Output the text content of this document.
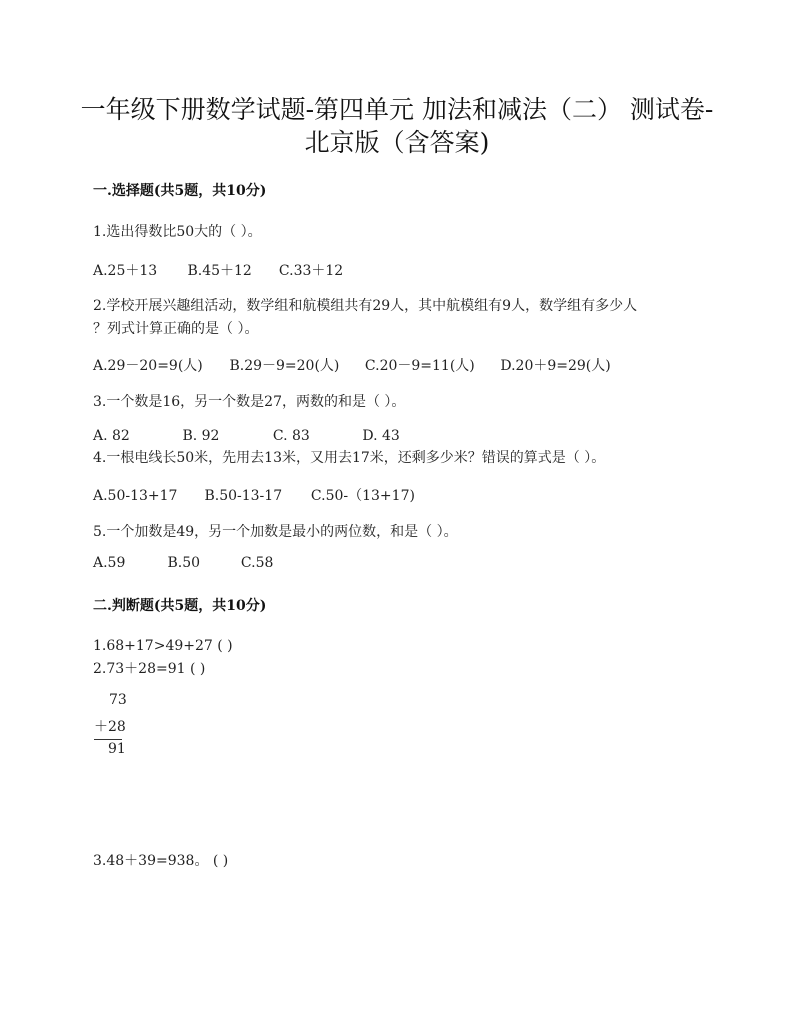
一年级下册数学试题-第四单元 加法和减法（二） 测试卷-
北京版（含答案)
一.选择题(共5题，共10分)
1.选出得数比50大的（ ）。
A.25＋13 B.45＋12 C.33＋12
2.学校开展兴趣组活动，数学组和航模组共有29人，其中航模组有9人，数学组有多少人
？列式计算正确的是（ ）。
A.29－20=9(人) B.29－9=20(人) C.20－9=11(人) D.20＋9=29(人)
3.一个数是16，另一个数是27，两数的和是（ ）。
A. 82	B. 92	C. 83	D. 43
4.一根电线长50米，先用去13米，又用去17米，还剩多少米？错误的算式是（ ）。
A.50-13+17 B.50-13-17 C.50-（13+17)
5.一个加数是49，另一个加数是最小的两位数，和是（ ）。
A.59	B.50	C.58
二.判断题(共5题，共10分)
1.68+17>49+27 ( )
2.73＋28=91 ( )
73
＋28
91
3.48＋39=938。 ( )
